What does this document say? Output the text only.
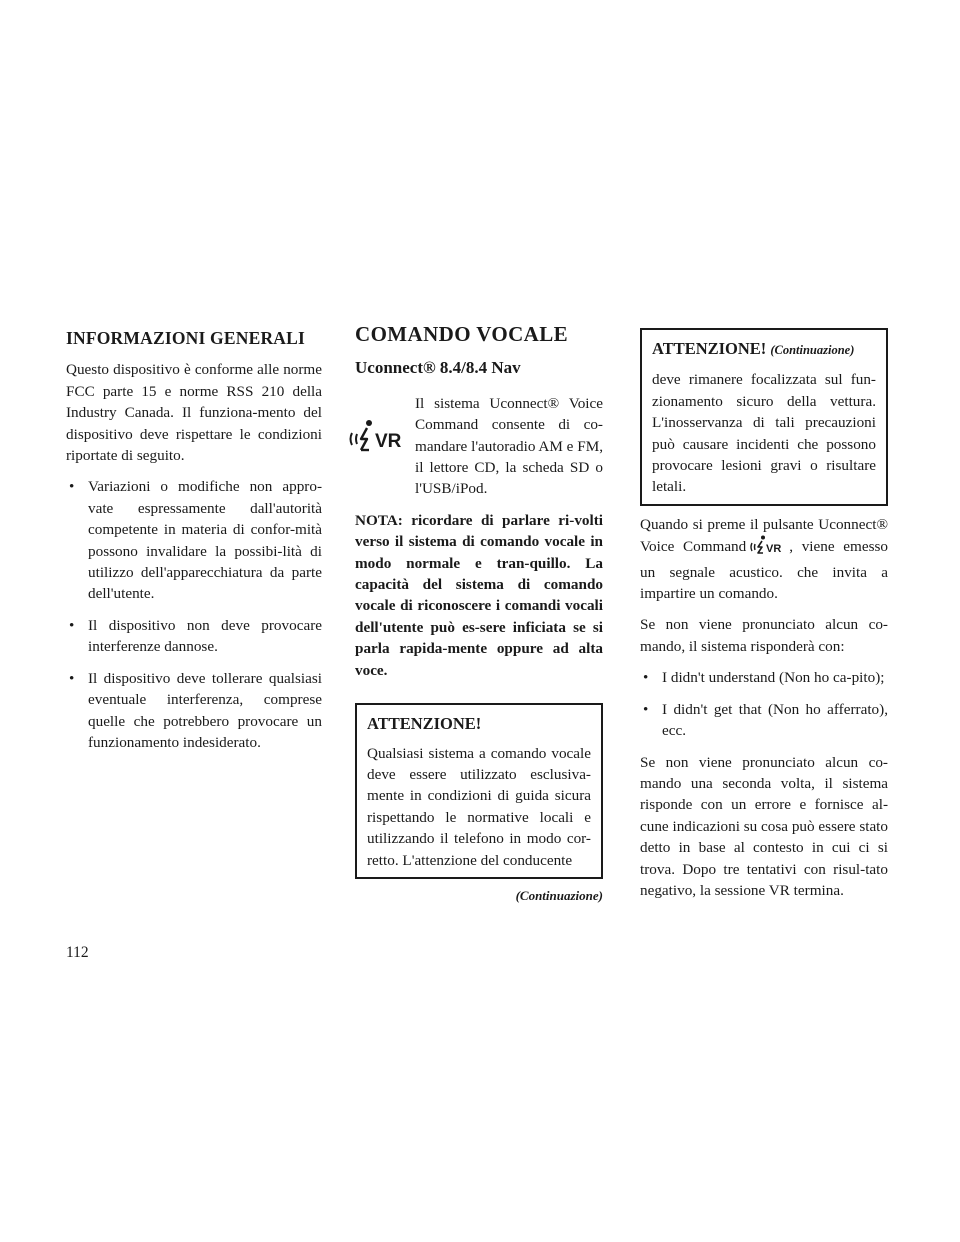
INFORMAZIONI GENERALI

Questo dispositivo è conforme alle norme FCC parte 15 e norme RSS 210 della Industry Canada. Il funziona-mento del dispositivo deve rispettare le condizioni riportate di seguito.

• Variazioni o modifiche non appro-vate espressamente dall'autorità competente in materia di confor-mità possono invalidare la possibi-lità di utilizzo dell'apparecchiatura da parte dell'utente.
• Il dispositivo non deve provocare interferenze dannose.
• Il dispositivo deve tollerare qualsiasi eventuale interferenza, comprese quelle che potrebbero provocare un funzionamento indesiderato.
COMANDO VOCALE
Uconnect® 8.4/8.4 Nav
VR

Il sistema Uconnect® Voice Command consente di co-mandare l'autoradio AM e FM, il lettore CD, la scheda SD o l'USB/iPod.

NOTA: ricordare di parlare ri-volti verso il sistema di comando vocale in modo normale e tran-quillo. La capacità del sistema di comando vocale di riconoscere i comandi vocali dell'utente può es-sere inficiata se si parla rapida-mente oppure ad alta voce.

ATTENZIONE!

Qualsiasi sistema a comando vocale deve essere utilizzato esclusiva-mente in condizioni di guida sicura rispettando le normative locali e utilizzando il telefono in modo cor-retto. L'attenzione del conducente

(Continuazione)
ATTENZIONE! (Continuazione)

deve rimanere focalizzata sul fun-zionamento sicuro della vettura. L'inosservanza di tali precauzioni può causare incidenti che possono provocare lesioni gravi o risultare letali.

Quando si preme il pulsante Uconnect® Voice Command VR , viene emesso un segnale acustico. che invita a impartire un comando.

Se non viene pronunciato alcun co-mando, il sistema risponderà con:

• I didn't understand (Non ho ca-pito);
• I didn't get that (Non ho afferrato), ecc.

Se non viene pronunciato alcun co-mando una seconda volta, il sistema risponde con un errore e fornisce al-cune indicazioni su cosa può essere stato detto in base al contesto in cui ci si trova. Dopo tre tentativi con risul-tato negativo, la sessione VR termina.

112
